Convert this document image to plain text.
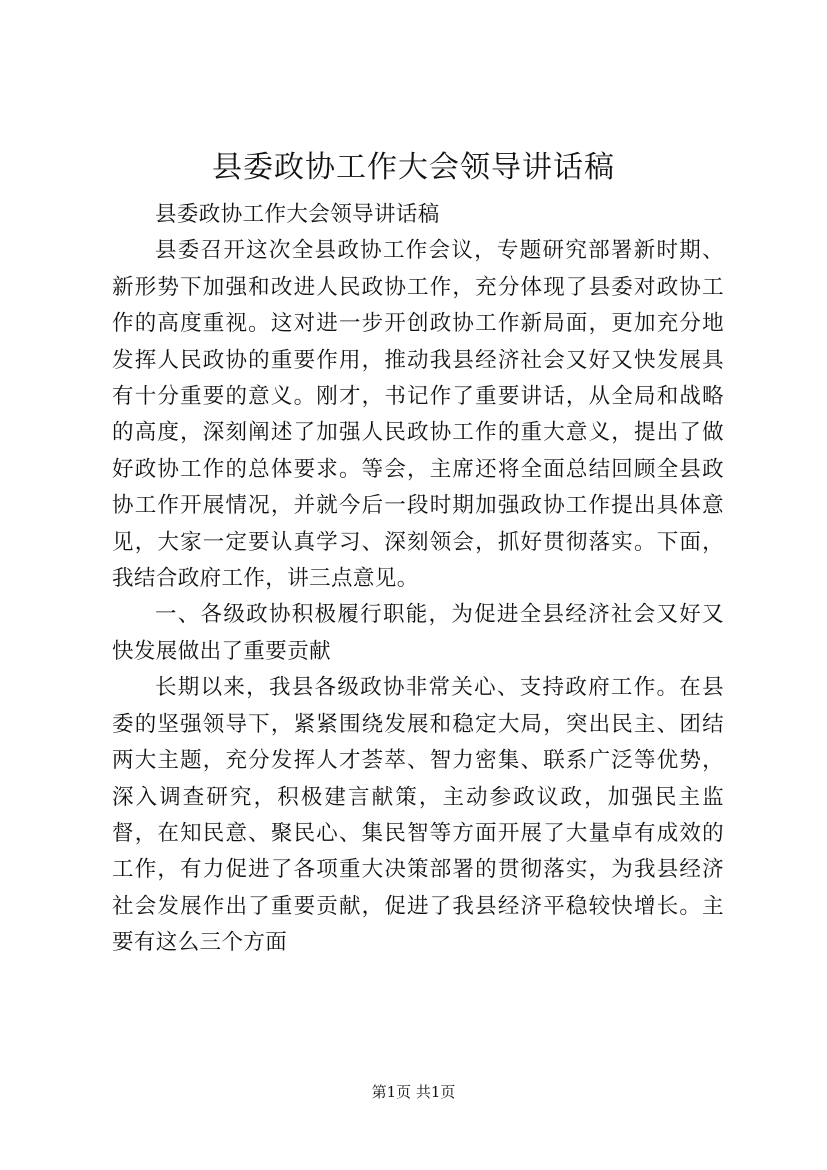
县委政协工作大会领导讲话稿

县委政协工作大会领导讲话稿

县委召开这次全县政协工作会议，专题研究部署新时期、新形势下加强和改进人民政协工作，充分体现了县委对政协工作的高度重视。这对进一步开创政协工作新局面，更加充分地发挥人民政协的重要作用，推动我县经济社会又好又快发展具有十分重要的意义。刚才，书记作了重要讲话，从全局和战略的高度，深刻阐述了加强人民政协工作的重大意义，提出了做好政协工作的总体要求。等会，主席还将全面总结回顾全县政协工作开展情况，并就今后一段时期加强政协工作提出具体意见，大家一定要认真学习、深刻领会，抓好贯彻落实。下面，我结合政府工作，讲三点意见。

一、各级政协积极履行职能，为促进全县经济社会又好又快发展做出了重要贡献

长期以来，我县各级政协非常关心、支持政府工作。在县委的坚强领导下，紧紧围绕发展和稳定大局，突出民主、团结两大主题，充分发挥人才荟萃、智力密集、联系广泛等优势，深入调查研究，积极建言献策，主动参政议政，加强民主监督，在知民意、聚民心、集民智等方面开展了大量卓有成效的工作，有力促进了各项重大决策部署的贯彻落实，为我县经济社会发展作出了重要贡献，促进了我县经济平稳较快增长。主要有这么三个方面

第1页 共1页
